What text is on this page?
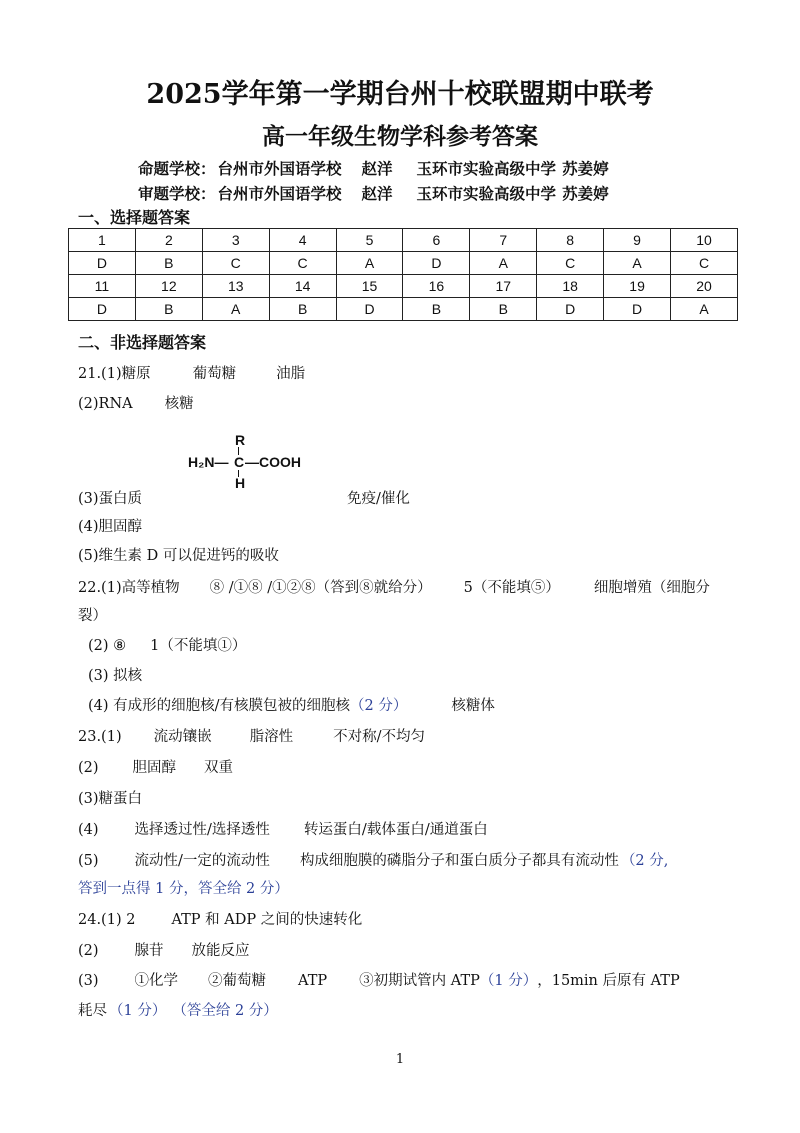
2025学年第一学期台州十校联盟期中联考
高一年级生物学科参考答案
命题学校： 台州市外国语学校 赵洋 玉环市实验高级中学 苏姜婷
审题学校： 台州市外国语学校 赵洋 玉环市实验高级中学 苏姜婷
一、选择题答案
1	2	3	4	5	6	7	8	9	10
D	B	C	C	A	D	A	C	A	C
11	12	13	14	15	16	17	18	19	20
D	B	A	B	D	B	B	D	D	A
二、非选择题答案
21.(1)糖原	葡萄糖	油脂
(2)RNA 核糖
R
H₂N— C —COOH
H
(3)蛋白质	免疫/催化
(4)胆固醇
(5)维生素 D 可以促进钙的吸收
22.(1)高等植物 ⑧ /①⑧ /①②⑧（答到⑧就给分） 5（不能填⑤） 细胞增殖（细胞分
裂）
(2) ⑧ 1（不能填①）
(3) 拟核
(4) 有成形的细胞核/有核膜包被的细胞核（2 分）	核糖体
23.(1) 流动镶嵌	脂溶性	不对称/不均匀
(2) 胆固醇 双重
(3)糖蛋白
(4) 选择透过性/选择透性 转运蛋白/载体蛋白/通道蛋白
(5) 流动性/一定的流动性 构成细胞膜的磷脂分子和蛋白质分子都具有流动性 （2 分,
答到一点得 1 分，答全给 2 分）
24.(1) 2 ATP 和 ADP 之间的快速转化
(2) 腺苷 放能反应
(3) ①化学 ②葡萄糖 ATP ③初期试管内 ATP（1 分），15min 后原有 ATP
耗尽 （1 分） （答全给 2 分）
1
